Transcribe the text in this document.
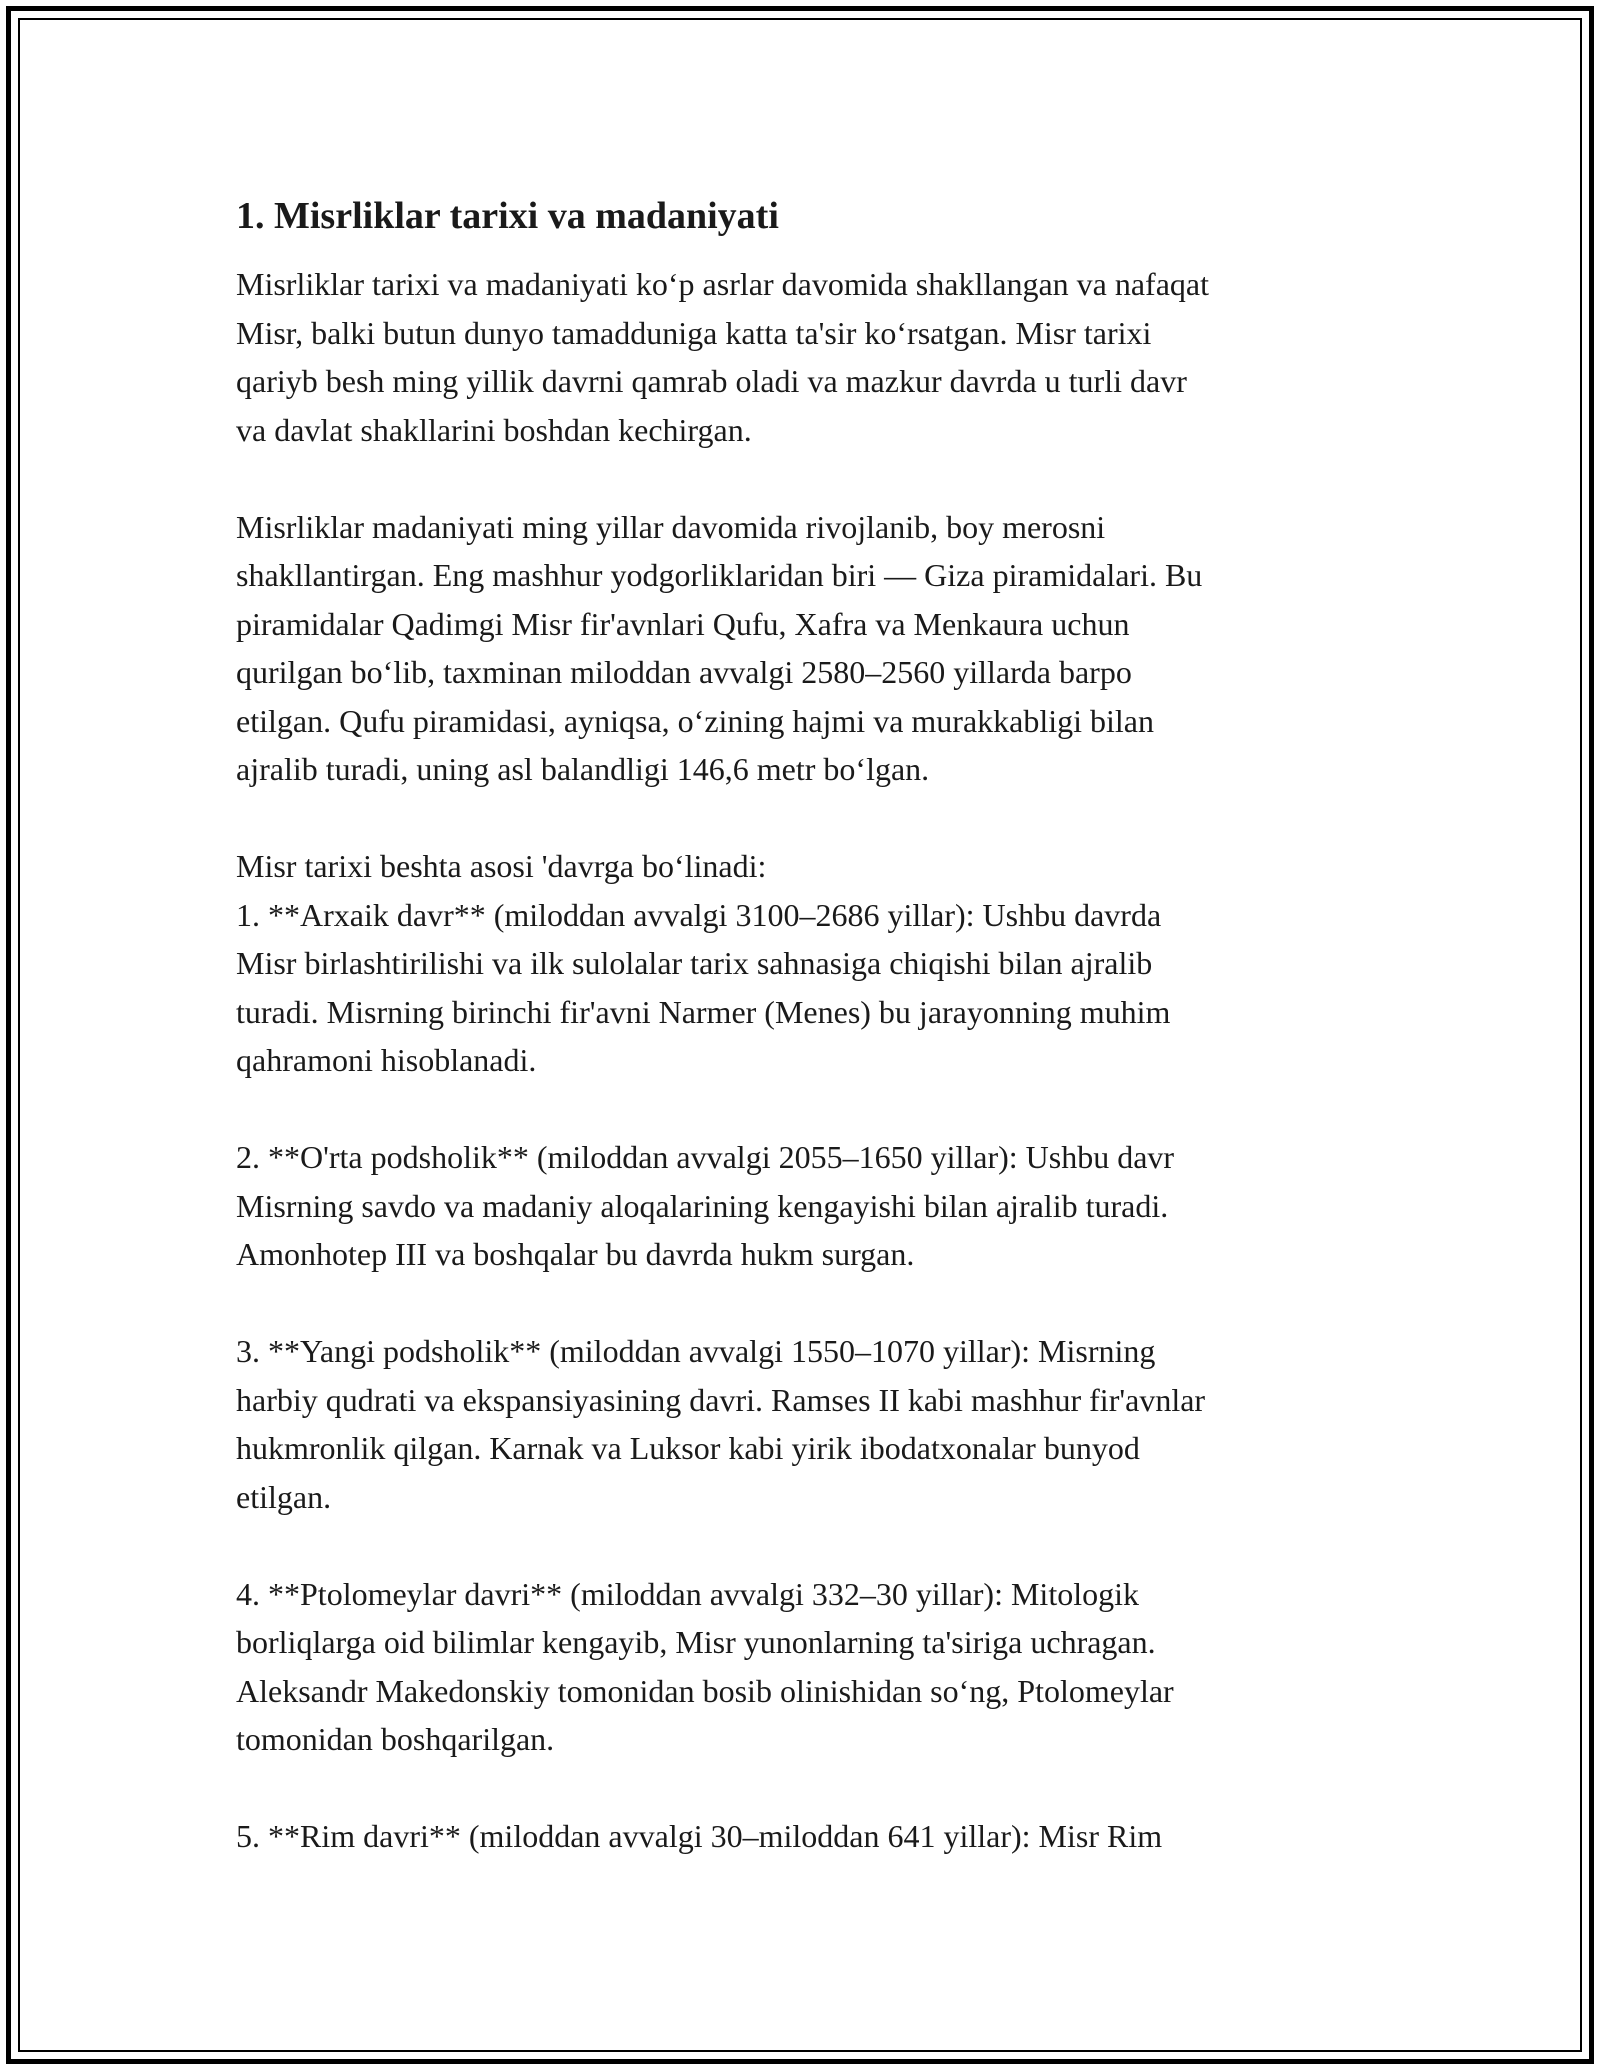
1. Misrliklar tarixi va madaniyati

Misrliklar tarixi va madaniyati ko‘p asrlar davomida shakllangan va nafaqat
Misr, balki butun dunyo tamadduniga katta ta'sir ko‘rsatgan. Misr tarixi
qariyb besh ming yillik davrni qamrab oladi va mazkur davrda u turli davr
va davlat shakllarini boshdan kechirgan.

Misrliklar madaniyati ming yillar davomida rivojlanib, boy merosni
shakllantirgan. Eng mashhur yodgorliklaridan biri — Giza piramidalari. Bu
piramidalar Qadimgi Misr fir'avnlari Qufu, Xafra va Menkaura uchun
qurilgan bo‘lib, taxminan miloddan avvalgi 2580–2560 yillarda barpo
etilgan. Qufu piramidasi, ayniqsa, o‘zining hajmi va murakkabligi bilan
ajralib turadi, uning asl balandligi 146,6 metr bo‘lgan.

Misr tarixi beshta asosi 'davrga bo‘linadi:
1. **Arxaik davr** (miloddan avvalgi 3100–2686 yillar): Ushbu davrda
Misr birlashtirilishi va ilk sulolalar tarix sahnasiga chiqishi bilan ajralib
turadi. Misrning birinchi fir'avni Narmer (Menes) bu jarayonning muhim
qahramoni hisoblanadi.

2. **O'rta podsholik** (miloddan avvalgi 2055–1650 yillar): Ushbu davr
Misrning savdo va madaniy aloqalarining kengayishi bilan ajralib turadi.
Amonhotep III va boshqalar bu davrda hukm surgan.

3. **Yangi podsholik** (miloddan avvalgi 1550–1070 yillar): Misrning
harbiy qudrati va ekspansiyasining davri. Ramses II kabi mashhur fir'avnlar
hukmronlik qilgan. Karnak va Luksor kabi yirik ibodatxonalar bunyod
etilgan.

4. **Ptolomeylar davri** (miloddan avvalgi 332–30 yillar): Mitologik
borliqlarga oid bilimlar kengayib, Misr yunonlarning ta'siriga uchragan.
Aleksandr Makedonskiy tomonidan bosib olinishidan so‘ng, Ptolomeylar
tomonidan boshqarilgan.

5. **Rim davri** (miloddan avvalgi 30–miloddan 641 yillar): Misr Rim
